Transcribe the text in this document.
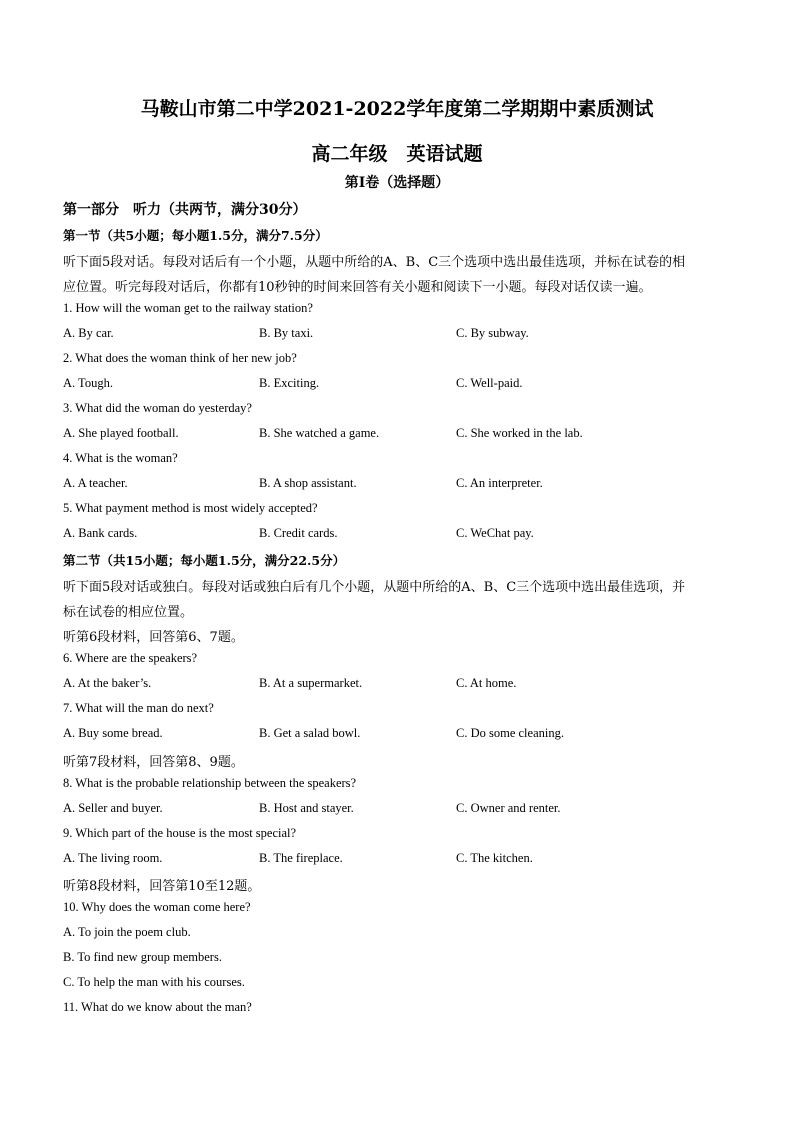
马鞍山市第二中学2021-2022学年度第二学期期中素质测试
高二年级　英语试题
第Ⅰ卷（选择题）
第一部分　听力（共两节，满分30分）
第一节（共5小题；每小题1.5分，满分7.5分）
听下面5段对话。每段对话后有一个小题，从题中所给的A、B、C三个选项中选出最佳选项，并标在试卷的相
应位置。听完每段对话后，你都有10秒钟的时间来回答有关小题和阅读下一小题。每段对话仅读一遍。
1. How will the woman get to the railway station?
A. By car.	B. By taxi.	C. By subway.
2. What does the woman think of her new job?
A. Tough.	B. Exciting.	C. Well-paid.
3. What did the woman do yesterday?
A. She played football.	B. She watched a game.	C. She worked in the lab.
4. What is the woman?
A. A teacher.	B. A shop assistant.	C. An interpreter.
5. What payment method is most widely accepted?
A. Bank cards.	B. Credit cards.	C. WeChat pay.
第二节（共15小题；每小题1.5分，满分22.5分）
听下面5段对话或独白。每段对话或独白后有几个小题，从题中所给的A、B、C三个选项中选出最佳选项，并
标在试卷的相应位置。
听第6段材料，回答第6、7题。
6. Where are the speakers?
A. At the baker’s.	B. At a supermarket.	C. At home.
7. What will the man do next?
A. Buy some bread.	B. Get a salad bowl.	C. Do some cleaning.
听第7段材料，回答第8、9题。
8. What is the probable relationship between the speakers?
A. Seller and buyer.	B. Host and stayer.	C. Owner and renter.
9. Which part of the house is the most special?
A. The living room.	B. The fireplace.	C. The kitchen.
听第8段材料，回答第10至12题。
10. Why does the woman come here?
A. To join the poem club.
B. To find new group members.
C. To help the man with his courses.
11. What do we know about the man?
